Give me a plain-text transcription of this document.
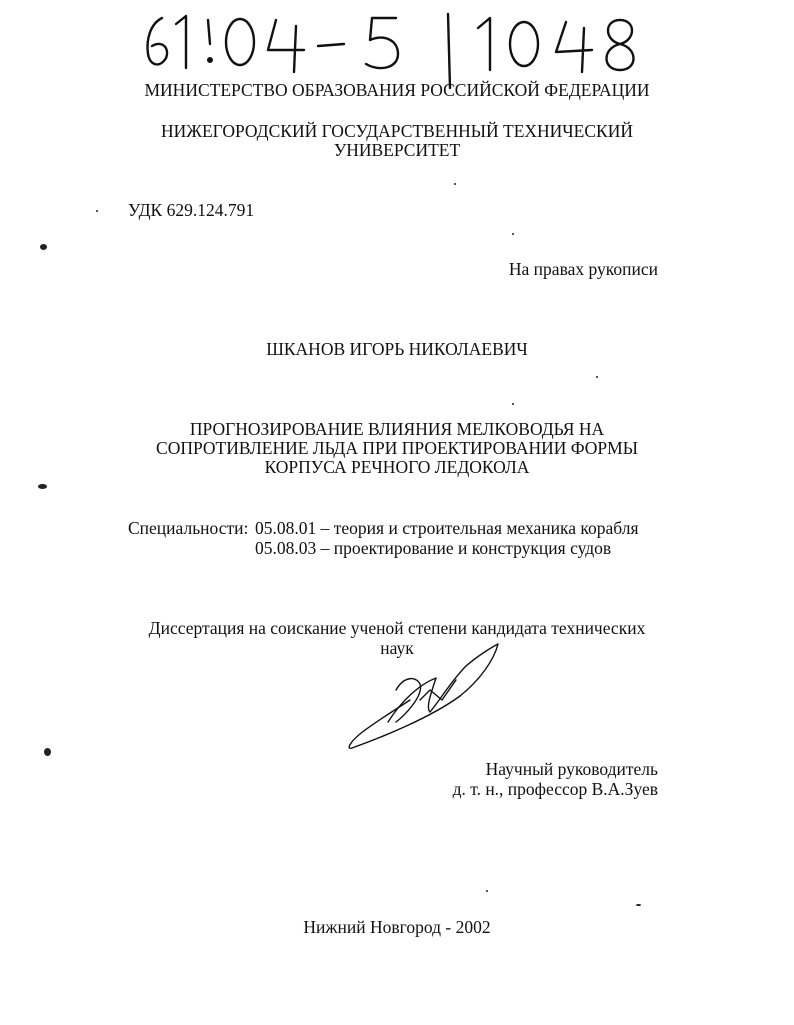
МИНИСТЕРСТВО ОБРАЗОВАНИЯ РОССИЙСКОЙ ФЕДЕРАЦИИ
НИЖЕГОРОДСКИЙ ГОСУДАРСТВЕННЫЙ ТЕХНИЧЕСКИЙ
УНИВЕРСИТЕТ
УДК 629.124.791
На правах рукописи
ШКАНОВ ИГОРЬ НИКОЛАЕВИЧ
ПРОГНОЗИРОВАНИЕ ВЛИЯНИЯ МЕЛКОВОДЬЯ НА
СОПРОТИВЛЕНИЕ ЛЬДА ПРИ ПРОЕКТИРОВАНИИ ФОРМЫ
КОРПУСА РЕЧНОГО ЛЕДОКОЛА
Специальности: 05.08.01 – теория и строительная механика корабля
05.08.03 – проектирование и конструкция судов
Диссертация на соискание ученой степени кандидата технических
наук
Научный руководитель
д. т. н., профессор В.А.Зуев
Нижний Новгород - 2002
